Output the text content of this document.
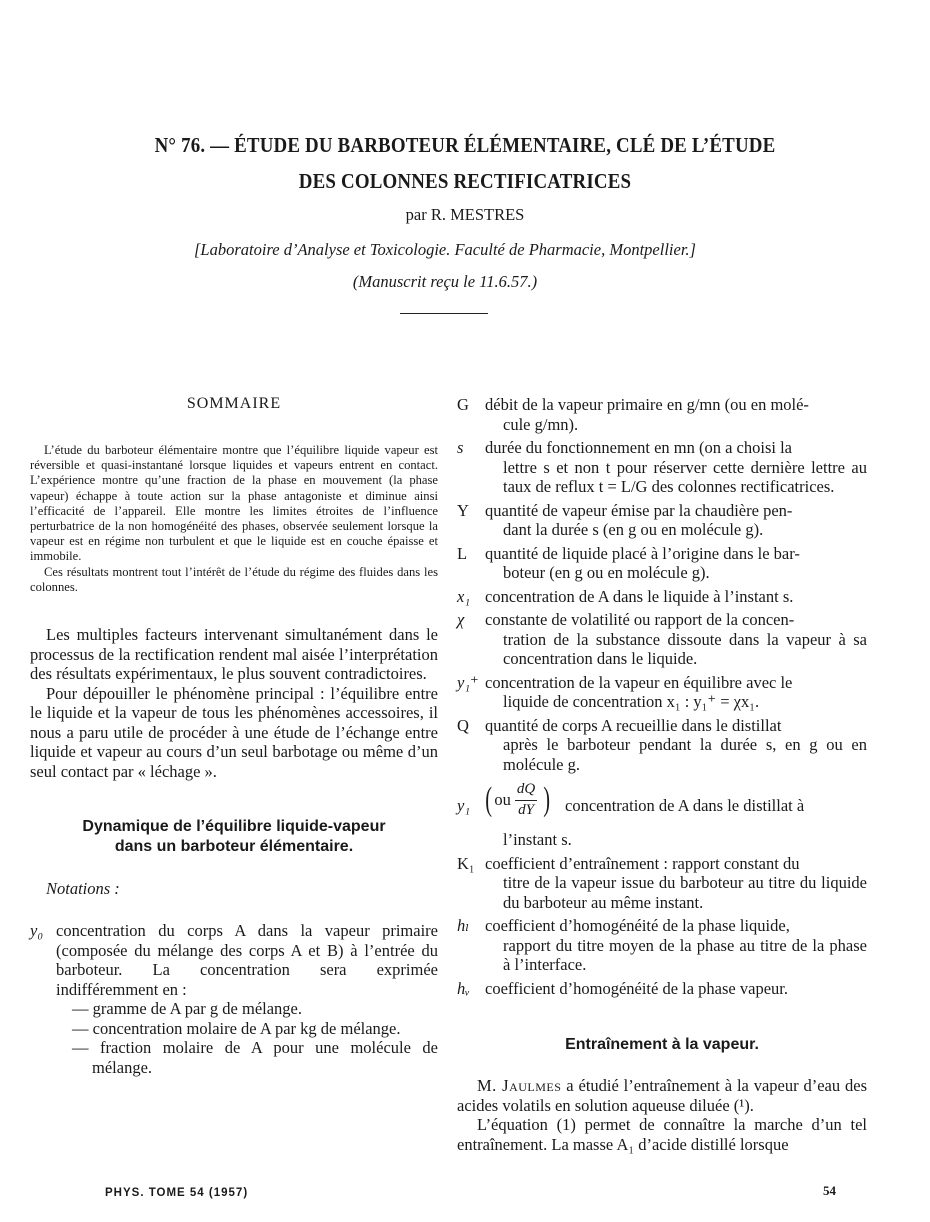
N° 76. — ÉTUDE DU BARBOTEUR ÉLÉMENTAIRE, CLÉ DE L’ÉTUDE
DES COLONNES RECTIFICATRICES
par R. MESTRES
[Laboratoire d’Analyse et Toxicologie. Faculté de Pharmacie, Montpellier.]
(Manuscrit reçu le 11.6.57.)
SOMMAIRE

L’étude du barboteur élémentaire montre que l’équilibre liquide vapeur est réversible et quasi-instantané lorsque liquides et vapeurs entrent en contact. L’expérience montre qu’une fraction de la phase en mouvement (la phase vapeur) échappe à toute action sur la phase antagoniste et diminue ainsi l’efficacité de l’appareil. Elle montre les limites étroites de l’influence perturbatrice de la non homogénéité des phases, observée seulement lorsque la vapeur est en régime non turbulent et que le liquide est en couche épaisse et immobile.

Ces résultats montrent tout l’intérêt de l’étude du régime des fluides dans les colonnes.

Les multiples facteurs intervenant simultanément dans le processus de la rectification rendent mal aisée l’interprétation des résultats expérimentaux, le plus souvent contradictoires.

Pour dépouiller le phénomène principal : l’équilibre entre le liquide et la vapeur de tous les phénomènes accessoires, il nous a paru utile de procéder à une étude de l’échange entre liquide et vapeur au cours d’un seul barbotage ou même d’un seul contact par « léchage ».

Dynamique de l’équilibre liquide-vapeur
dans un barboteur élémentaire.
Notations :
y₀ concentration du corps A dans la vapeur primaire (composée du mélange des corps A et B) à l’entrée du barboteur. La concentration sera exprimée indifféremment en :
— gramme de A par g de mélange.
— concentration molaire de A par kg de mélange.
— fraction molaire de A pour une molécule de mélange.
G débit de la vapeur primaire en g/mn (ou en molé-
cule g/mn).
s durée du fonctionnement en mn (on a choisi la
lettre s et non t pour réserver cette dernière lettre au taux de reflux t = L/G des colonnes rectificatrices.
Y quantité de vapeur émise par la chaudière pen-
dant la durée s (en g ou en molécule g).
L quantité de liquide placé à l’origine dans le bar-
boteur (en g ou en molécule g).
x₁ concentration de A dans le liquide à l’instant s.
χ constante de volatilité ou rapport de la concen-
tration de la substance dissoute dans la vapeur à sa concentration dans le liquide.
y₁⁺ concentration de la vapeur en équilibre avec le
liquide de concentration x₁ : y₁⁺ = χx₁.
Q quantité de corps A recueillie dans le distillat
après le barboteur pendant la durée s, en g ou en molécule g.
y₁ ( ou $\frac{dQ}{dY}$ ) concentration de A dans le distillat à
l’instant s.
K₁ coefficient d’entraînement : rapport constant du
titre de la vapeur issue du barboteur au titre du liquide du barboteur au même instant.
hₗ coefficient d’homogénéité de la phase liquide,
rapport du titre moyen de la phase au titre de la phase à l’interface.
hᵥ coefficient d’homogénéité de la phase vapeur.
Entraînement à la vapeur.

M. Jaulmes a étudié l’entraînement à la vapeur d’eau des acides volatils en solution aqueuse diluée (¹).

L’équation (1) permet de connaître la marche d’un tel entraînement. La masse A₁ d’acide distillé lorsque

PHYS. TOME 54 (1957)	54
